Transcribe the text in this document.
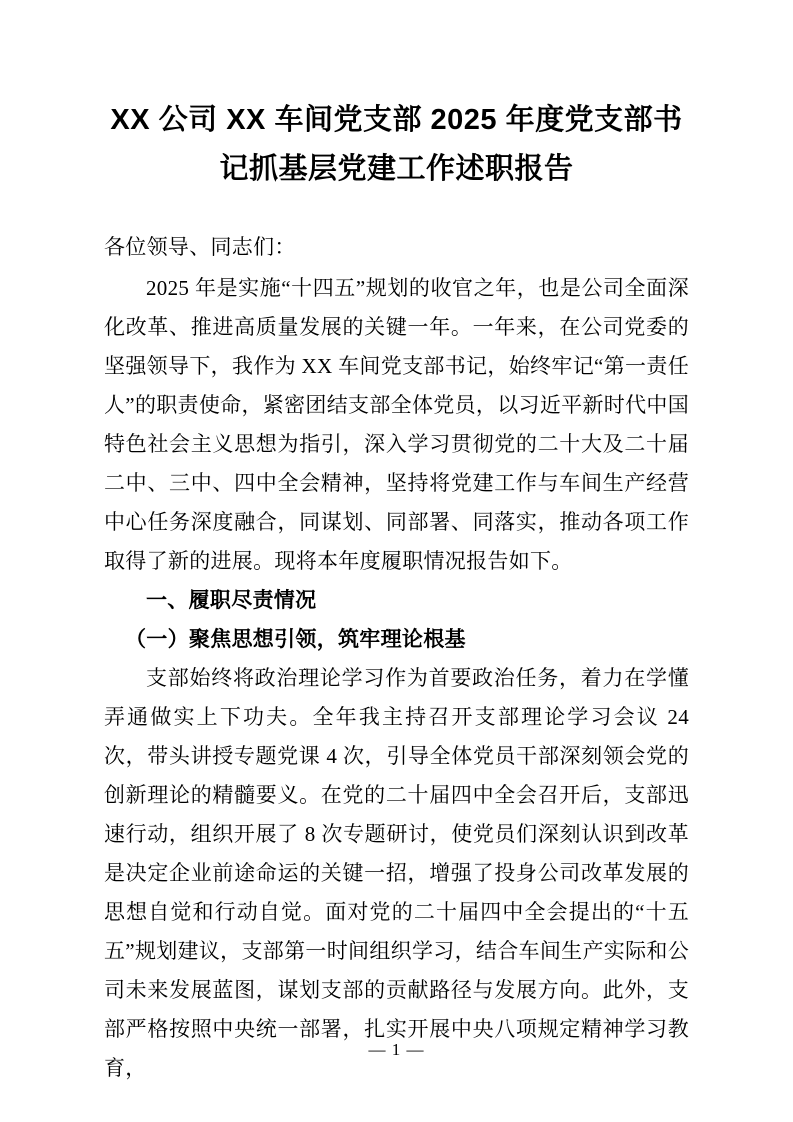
XX 公司 XX 车间党支部 2025 年度党支部书记抓基层党建工作述职报告
各位领导、同志们：

2025 年是实施“十四五”规划的收官之年，也是公司全面深化改革、推进高质量发展的关键一年。一年来，在公司党委的坚强领导下，我作为 XX 车间党支部书记，始终牢记“第一责任人”的职责使命，紧密团结支部全体党员，以习近平新时代中国特色社会主义思想为指引，深入学习贯彻党的二十大及二十届二中、三中、四中全会精神，坚持将党建工作与车间生产经营中心任务深度融合，同谋划、同部署、同落实，推动各项工作取得了新的进展。现将本年度履职情况报告如下。

一、履职尽责情况
（一）聚焦思想引领，筑牢理论根基

支部始终将政治理论学习作为首要政治任务，着力在学懂弄通做实上下功夫。全年我主持召开支部理论学习会议 24 次，带头讲授专题党课 4 次，引导全体党员干部深刻领会党的创新理论的精髓要义。在党的二十届四中全会召开后，支部迅速行动，组织开展了 8 次专题研讨，使党员们深刻认识到改革是决定企业前途命运的关键一招，增强了投身公司改革发展的思想自觉和行动自觉。面对党的二十届四中全会提出的“十五五”规划建议，支部第一时间组织学习，结合车间生产实际和公司未来发展蓝图，谋划支部的贡献路径与发展方向。此外，支部严格按照中央统一部署，扎实开展中央八项规定精神学习教育，

— 1 —
